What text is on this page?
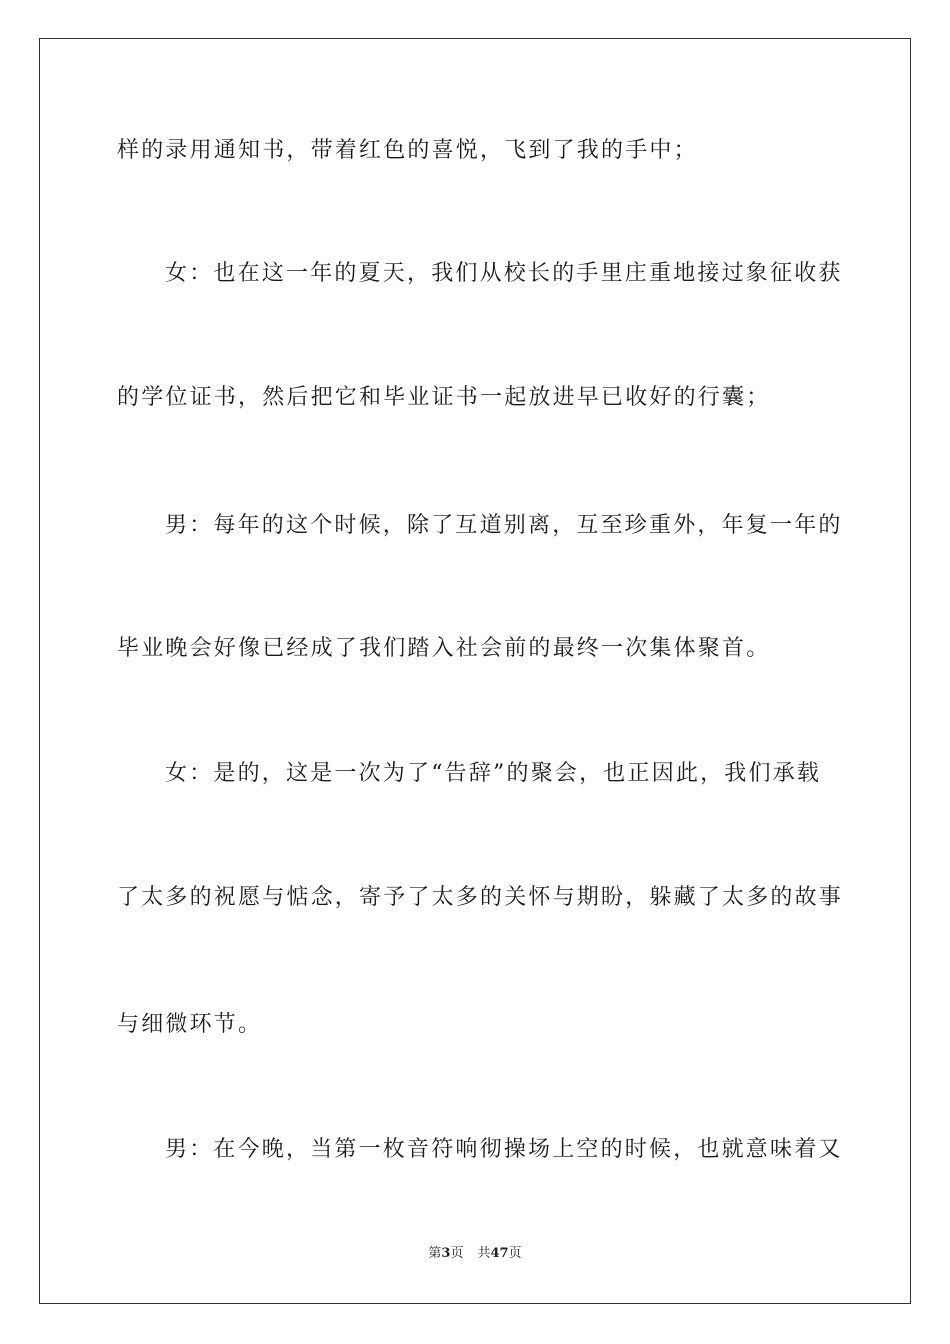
样的录用通知书，带着红色的喜悦，飞到了我的手中；
女：也在这一年的夏天，我们从校长的手里庄重地接过象征收获
的学位证书，然后把它和毕业证书一起放进早已收好的行囊；
男：每年的这个时候，除了互道别离，互至珍重外，年复一年的
毕业晚会好像已经成了我们踏入社会前的最终一次集体聚首。
女：是的，这是一次为了“告辞”的聚会，也正因此，我们承载
了太多的祝愿与惦念，寄予了太多的关怀与期盼，躲藏了太多的故事
与细微环节。
男：在今晚，当第一枚音符响彻操场上空的时候，也就意味着又
第3页 共47页
